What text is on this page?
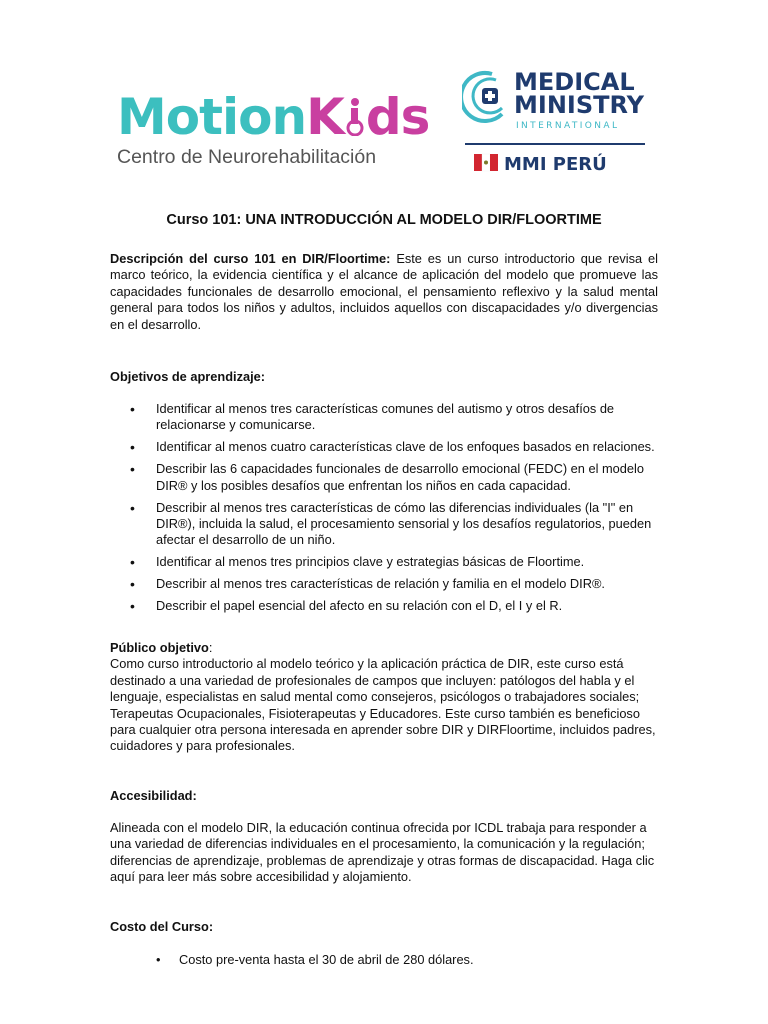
MotionK ds
Centro de Neurorehabilitación
MEDICAL
MINISTRY
INTERNATIONAL
MMI PERÚ
Curso 101: UNA INTRODUCCIÓN AL MODELO DIR/FLOORTIME
Descripción del curso 101 en DIR/Floortime: Este es un curso introductorio que revisa el marco teórico, la evidencia científica y el alcance de aplicación del modelo que promueve las capacidades funcionales de desarrollo emocional, el pensamiento reflexivo y la salud mental general para todos los niños y adultos, incluidos aquellos con discapacidades y/o divergencias en el desarrollo.
Objetivos de aprendizaje:
• Identificar al menos tres características comunes del autismo y otros desafíos de relacionarse y comunicarse.
• Identificar al menos cuatro características clave de los enfoques basados en relaciones.
• Describir las 6 capacidades funcionales de desarrollo emocional (FEDC) en el modelo DIR® y los posibles desafíos que enfrentan los niños en cada capacidad.
• Describir al menos tres características de cómo las diferencias individuales (la "I" en DIR®), incluida la salud, el procesamiento sensorial y los desafíos regulatorios, pueden afectar el desarrollo de un niño.
• Identificar al menos tres principios clave y estrategias básicas de Floortime.
• Describir al menos tres características de relación y familia en el modelo DIR®.
• Describir el papel esencial del afecto en su relación con el D, el I y el R.
Público objetivo:
Como curso introductorio al modelo teórico y la aplicación práctica de DIR, este curso está destinado a una variedad de profesionales de campos que incluyen: patólogos del habla y el lenguaje, especialistas en salud mental como consejeros, psicólogos o trabajadores sociales; Terapeutas Ocupacionales, Fisioterapeutas y Educadores. Este curso también es beneficioso para cualquier otra persona interesada en aprender sobre DIR y DIRFloortime, incluidos padres, cuidadores y para profesionales.
Accesibilidad:
Alineada con el modelo DIR, la educación continua ofrecida por ICDL trabaja para responder a una variedad de diferencias individuales en el procesamiento, la comunicación y la regulación; diferencias de aprendizaje, problemas de aprendizaje y otras formas de discapacidad. Haga clic aquí para leer más sobre accesibilidad y alojamiento.
Costo del Curso:
• Costo pre-venta hasta el 30 de abril de 280 dólares.
